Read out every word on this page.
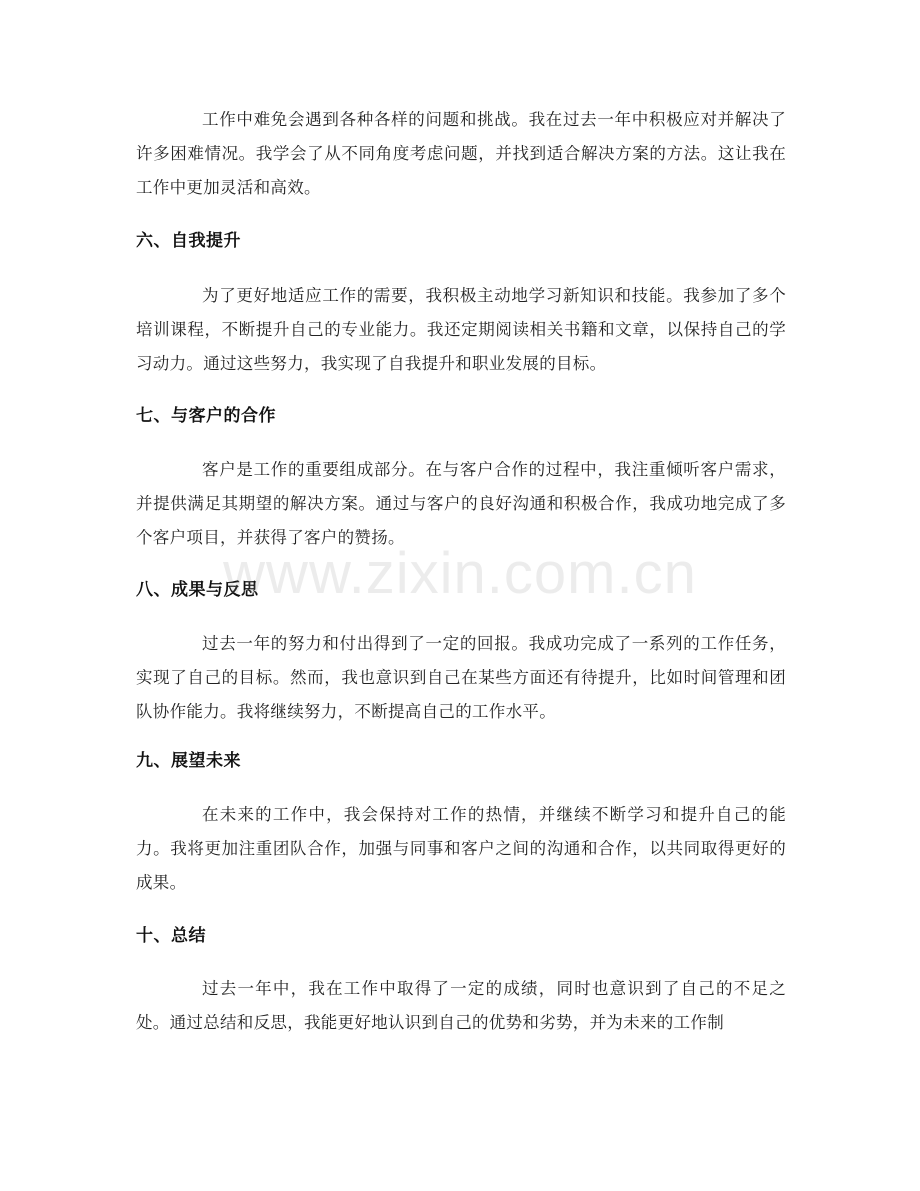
工作中难免会遇到各种各样的问题和挑战。我在过去一年中积极应对并解决了许多困难情况。我学会了从不同角度考虑问题，并找到适合解决方案的方法。这让我在工作中更加灵活和高效。

六、自我提升

为了更好地适应工作的需要，我积极主动地学习新知识和技能。我参加了多个培训课程，不断提升自己的专业能力。我还定期阅读相关书籍和文章，以保持自己的学习动力。通过这些努力，我实现了自我提升和职业发展的目标。

七、与客户的合作

客户是工作的重要组成部分。在与客户合作的过程中，我注重倾听客户需求，并提供满足其期望的解决方案。通过与客户的良好沟通和积极合作，我成功地完成了多个客户项目，并获得了客户的赞扬。

八、成果与反思

过去一年的努力和付出得到了一定的回报。我成功完成了一系列的工作任务，实现了自己的目标。然而，我也意识到自己在某些方面还有待提升，比如时间管理和团队协作能力。我将继续努力，不断提高自己的工作水平。

九、展望未来

在未来的工作中，我会保持对工作的热情，并继续不断学习和提升自己的能力。我将更加注重团队合作，加强与同事和客户之间的沟通和合作，以共同取得更好的成果。

十、总结

过去一年中，我在工作中取得了一定的成绩，同时也意识到了自己的不足之处。通过总结和反思，我能更好地认识到自己的优势和劣势，并为未来的工作制

www.zixin.com.cn
